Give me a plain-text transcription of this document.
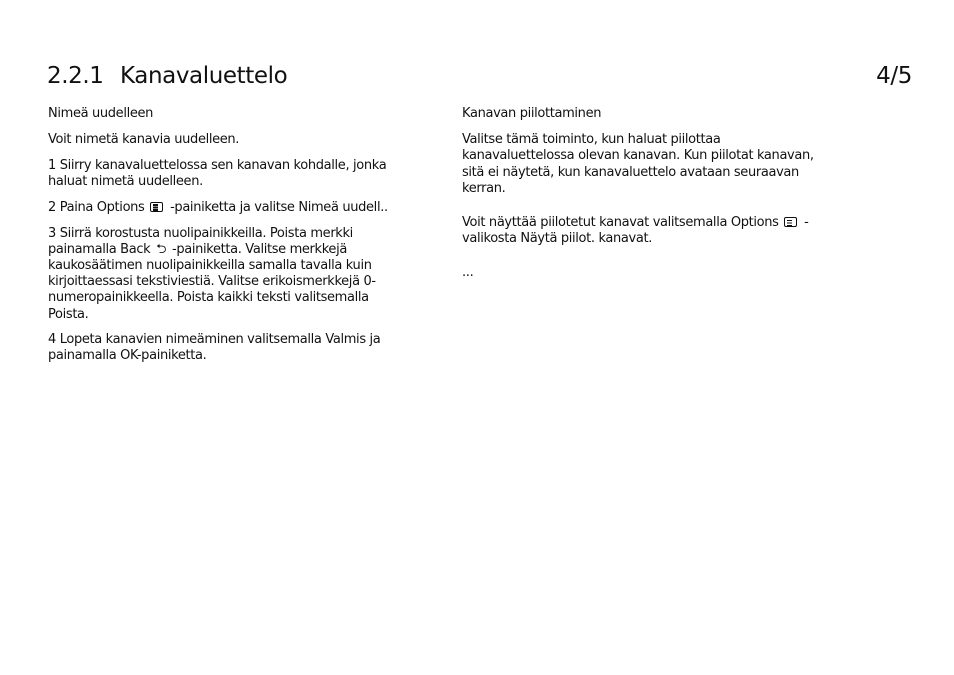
2.2.1 Kanavaluettelo	4/5

Nimeä uudelleen

Voit nimetä kanavia uudelleen.

1 Siirry kanavaluettelossa sen kanavan kohdalle, jonka haluat nimetä uudelleen.

2 Paina Options -painiketta ja valitse Nimeä uudell..

3 Siirrä korostusta nuolipainikkeilla. Poista merkki painamalla Back ⮌ -painiketta. Valitse merkkejä kaukosäätimen nuolipainikkeilla samalla tavalla kuin kirjoittaessasi tekstiviestiä. Valitse erikoismerkkejä 0-numeropainikkeella. Poista kaikki teksti valitsemalla Poista.

4 Lopeta kanavien nimeäminen valitsemalla Valmis ja painamalla OK-painiketta.

Kanavan piilottaminen

Valitse tämä toiminto, kun haluat piilottaa kanavaluettelossa olevan kanavan. Kun piilotat kanavan, sitä ei näytetä, kun kanavaluettelo avataan seuraavan kerran.

Voit näyttää piilotetut kanavat valitsemalla Options -valikosta Näytä piilot. kanavat.

...
